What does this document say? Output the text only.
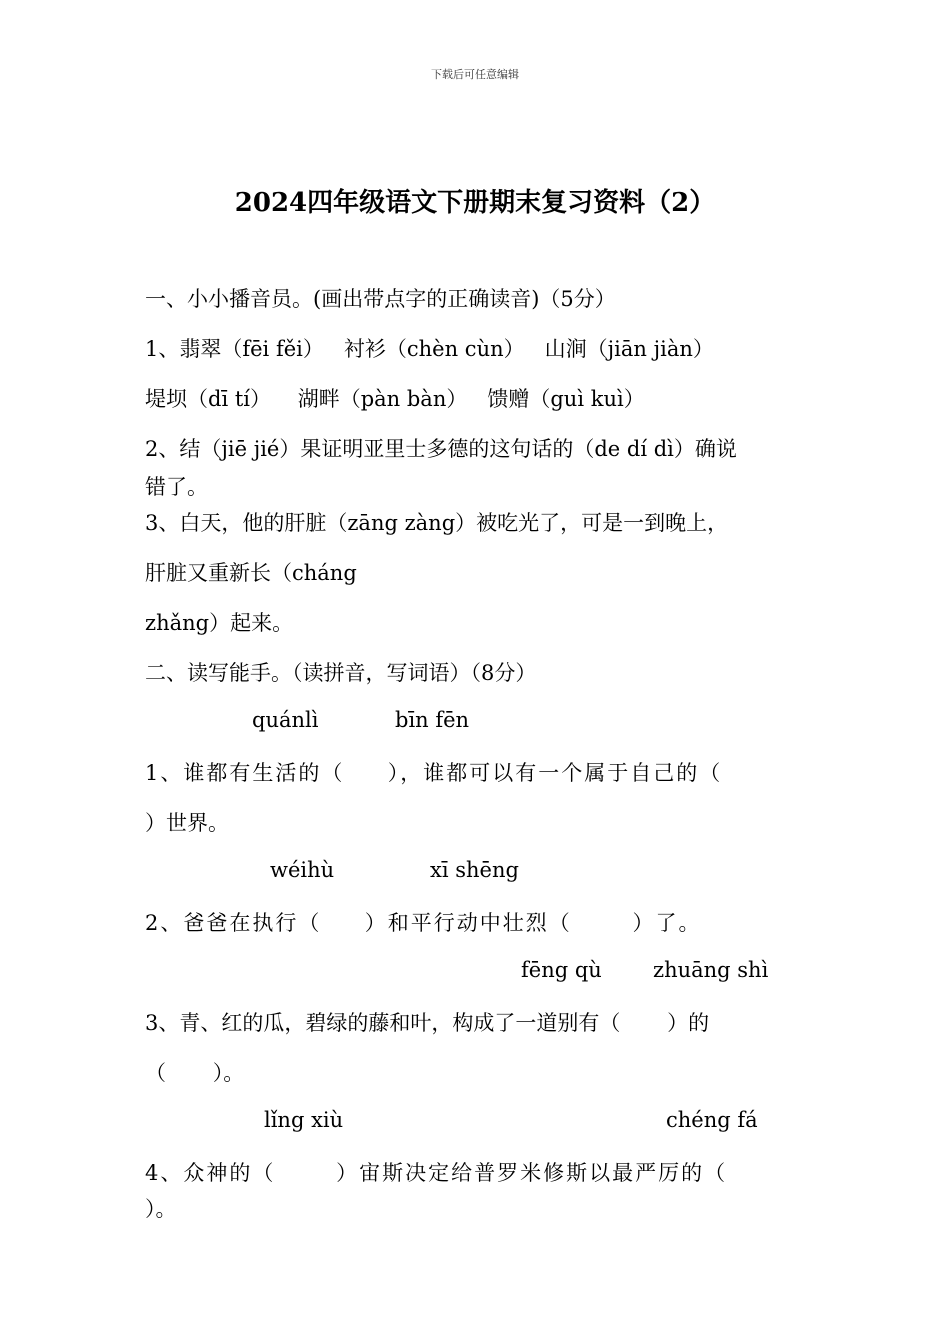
下载后可任意编辑
2024四年级语文下册期末复习资料（2）
一、小小播音员。(画出带点字的正确读音)（5分）
1、翡翠（fēi fěi）   衬衫（chèn cùn）   山涧（jiān jiàn）
堤坝（dī tí）    湖畔（pàn bàn）   馈赠（guì kuì）
2、结（jiē jié）果证明亚里士多德的这句话的（de dí dì）确说
错了。
3、白天，他的肝脏（zāng zàng）被吃光了，可是一到晚上，
肝脏又重新长（cháng
zhǎng）起来。
二、读写能手。（读拼音，写词语）（8分）
quánlì	bīn fēn
1、谁都有生活的（     ），谁都可以有一个属于自己的（
）世界。
wéihù	xī shēng
2、爸爸在执行（     ）和平行动中壮烈（       ）了。
fēng qù zhuāng shì
3、青、红的瓜，碧绿的藤和叶，构成了一道别有（       ）的
（       ）。
lǐng xiù	chéng fá
4、众神的（       ）宙斯决定给普罗米修斯以最严厉的（
）。
